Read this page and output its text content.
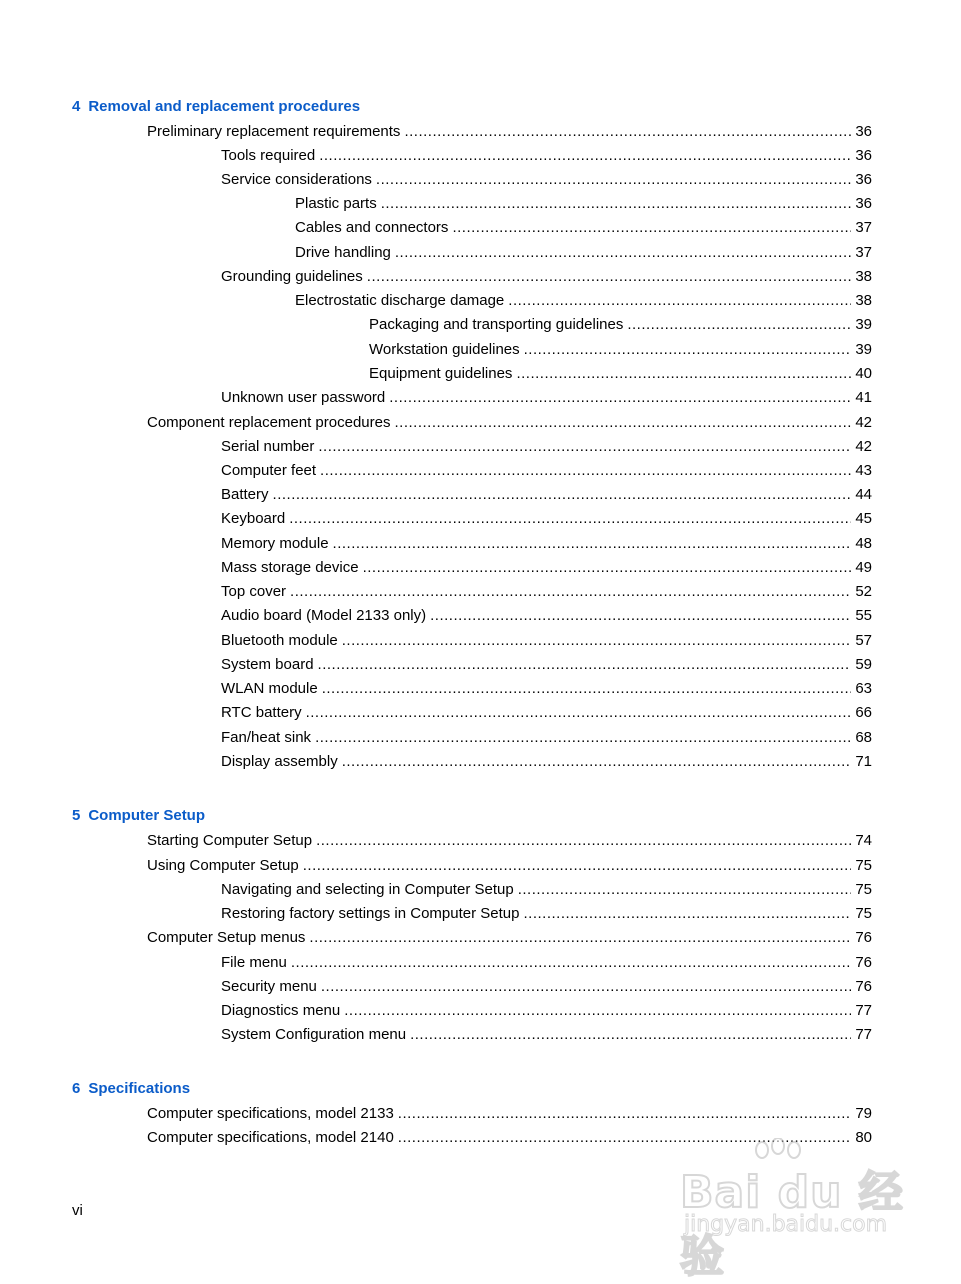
4 Removal and replacement procedures
Preliminary replacement requirements .....	36
Tools required .....	36
Service considerations .....	36
Plastic parts .....	36
Cables and connectors .....	37
Drive handling .....	37
Grounding guidelines .....	38
Electrostatic discharge damage .....	38
Packaging and transporting guidelines .....	39
Workstation guidelines .....	39
Equipment guidelines .....	40
Unknown user password .....	41
Component replacement procedures .....	42
Serial number .....	42
Computer feet .....	43
Battery .....	44
Keyboard .....	45
Memory module .....	48
Mass storage device .....	49
Top cover .....	52
Audio board (Model 2133 only) .....	55
Bluetooth module .....	57
System board .....	59
WLAN module .....	63
RTC battery .....	66
Fan/heat sink .....	68
Display assembly .....	71
5 Computer Setup
Starting Computer Setup .....	74
Using Computer Setup .....	75
Navigating and selecting in Computer Setup .....	75
Restoring factory settings in Computer Setup .....	75
Computer Setup menus .....	76
File menu .....	76
Security menu .....	76
Diagnostics menu .....	77
System Configuration menu .....	77
6 Specifications
Computer specifications, model 2133 .....	79
Computer specifications, model 2140 .....	80
vi	Bai du 经验
jingyan.baidu.com
